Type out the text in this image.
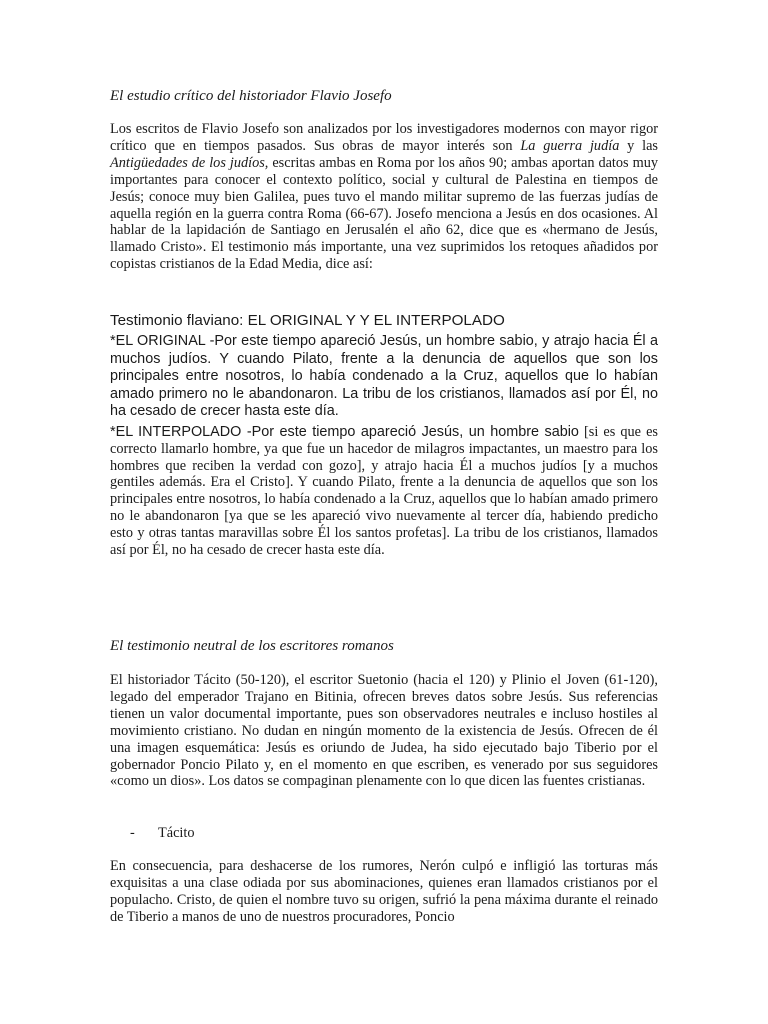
El estudio crítico del historiador Flavio Josefo

Los escritos de Flavio Josefo son analizados por los investigadores modernos con mayor rigor crítico que en tiempos pasados. Sus obras de mayor interés son La guerra judía y las Antigüedades de los judíos, escritas ambas en Roma por los años 90; ambas aportan datos muy importantes para conocer el contexto político, social y cultural de Palestina en tiempos de Jesús; conoce muy bien Galilea, pues tuvo el mando militar supremo de las fuerzas judías de aquella región en la guerra contra Roma (66-67). Josefo menciona a Jesús en dos ocasiones. Al hablar de la lapidación de Santiago en Jerusalén el año 62, dice que es «hermano de Jesús, llamado Cristo». El testimonio más importante, una vez suprimidos los retoques añadidos por copistas cristianos de la Edad Media, dice así:

Testimonio flaviano: EL ORIGINAL Y Y EL INTERPOLADO

*EL ORIGINAL -Por este tiempo apareció Jesús, un hombre sabio, y atrajo hacia Él a muchos judíos. Y cuando Pilato, frente a la denuncia de aquellos que son los principales entre nosotros, lo había condenado a la Cruz, aquellos que lo habían amado primero no le abandonaron. La tribu de los cristianos, llamados así por Él, no ha cesado de crecer hasta este día.

*EL INTERPOLADO -Por este tiempo apareció Jesús, un hombre sabio [si es que es correcto llamarlo hombre, ya que fue un hacedor de milagros impactantes, un maestro para los hombres que reciben la verdad con gozo], y atrajo hacia Él a muchos judíos [y a muchos gentiles además. Era el Cristo]. Y cuando Pilato, frente a la denuncia de aquellos que son los principales entre nosotros, lo había condenado a la Cruz, aquellos que lo habían amado primero no le abandonaron [ya que se les apareció vivo nuevamente al tercer día, habiendo predicho esto y otras tantas maravillas sobre Él los santos profetas]. La tribu de los cristianos, llamados así por Él, no ha cesado de crecer hasta este día.

El testimonio neutral de los escritores romanos

El historiador Tácito (50-120), el escritor Suetonio (hacia el 120) y Plinio el Joven (61-120), legado del emperador Trajano en Bitinia, ofrecen breves datos sobre Jesús. Sus referencias tienen un valor documental importante, pues son observadores neutrales e incluso hostiles al movimiento cristiano. No dudan en ningún momento de la existencia de Jesús. Ofrecen de él una imagen esquemática: Jesús es oriundo de Judea, ha sido ejecutado bajo Tiberio por el gobernador Poncio Pilato y, en el momento en que escriben, es venerado por sus seguidores «como un dios». Los datos se compaginan plenamente con lo que dicen las fuentes cristianas.

- Tácito

En consecuencia, para deshacerse de los rumores, Nerón culpó e infligió las torturas más exquisitas a una clase odiada por sus abominaciones, quienes eran llamados cristianos por el populacho. Cristo, de quien el nombre tuvo su origen, sufrió la pena máxima durante el reinado de Tiberio a manos de uno de nuestros procuradores, Poncio
